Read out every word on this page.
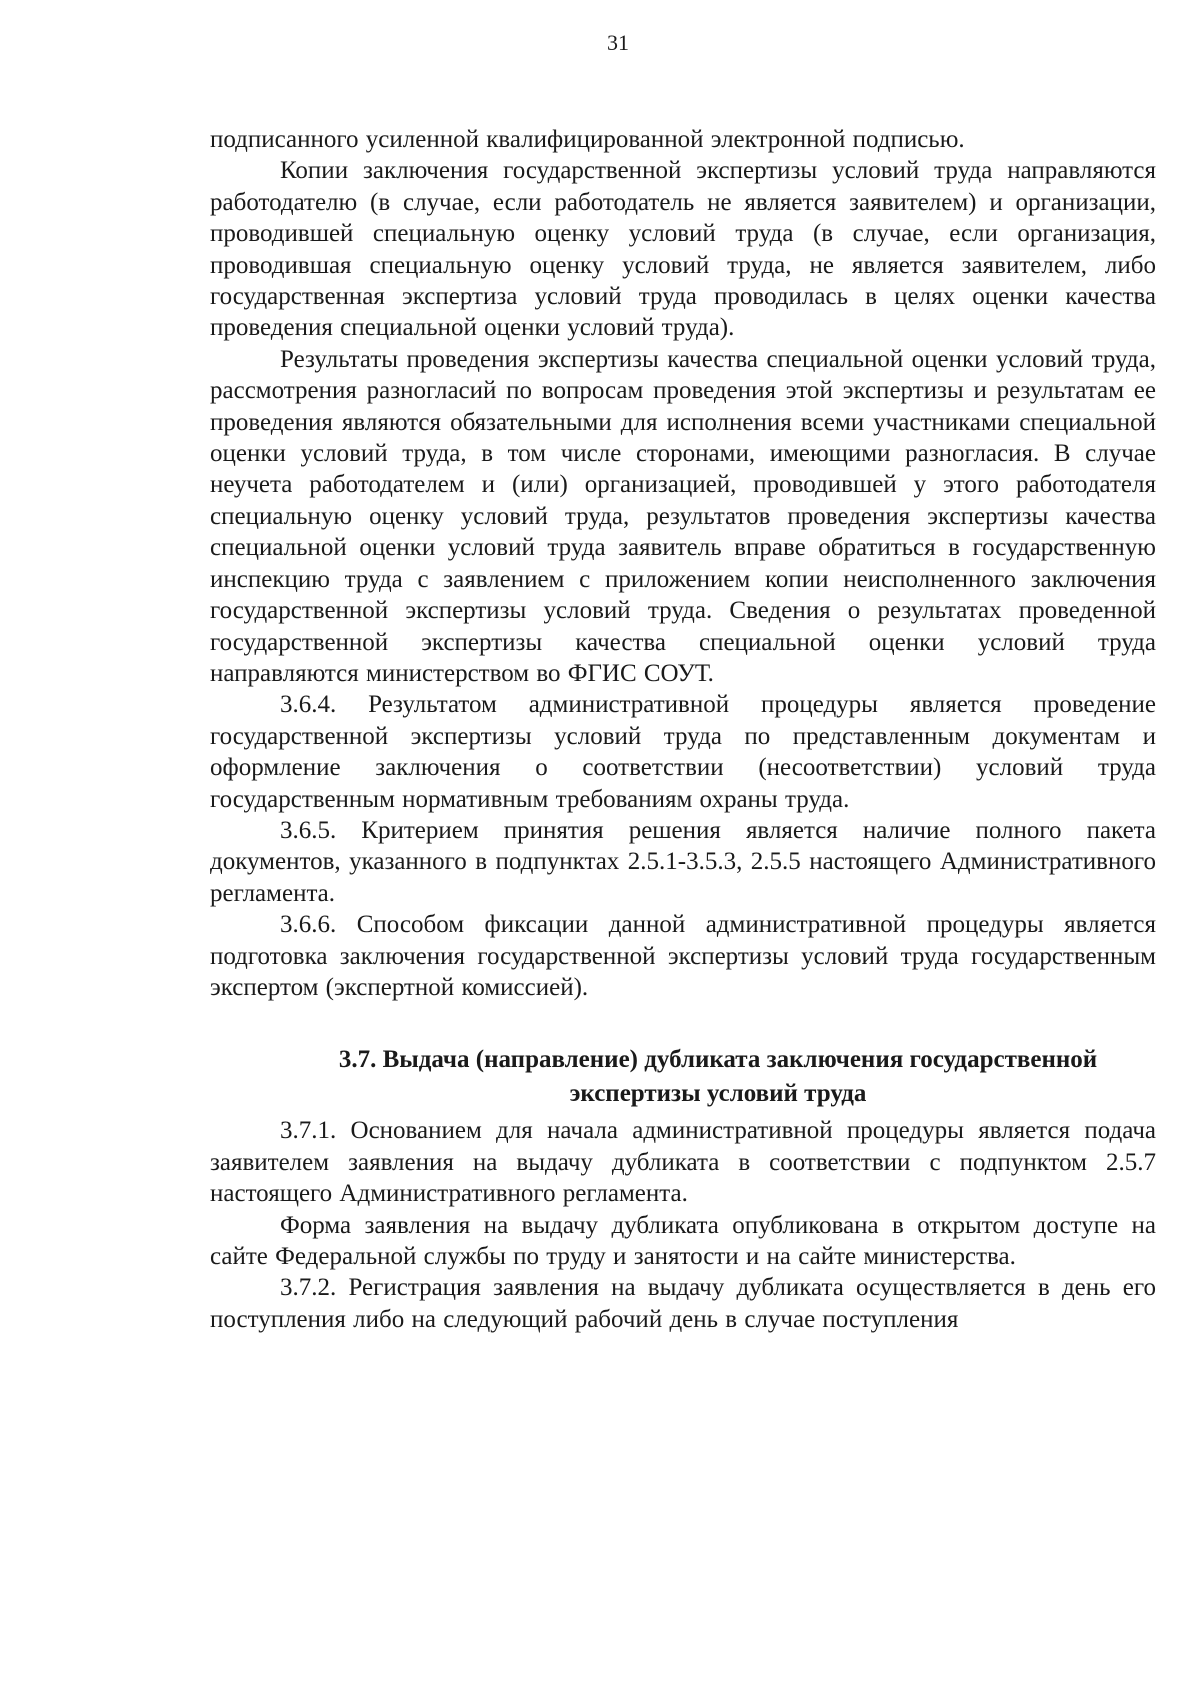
31

подписанного усиленной квалифицированной электронной подписью.

Копии заключения государственной экспертизы условий труда направляются работодателю (в случае, если работодатель не является заявителем) и организации, проводившей специальную оценку условий труда (в случае, если организация, проводившая специальную оценку условий труда, не является заявителем, либо государственная экспертиза условий труда проводилась в целях оценки качества проведения специальной оценки условий труда).

Результаты проведения экспертизы качества специальной оценки условий труда, рассмотрения разногласий по вопросам проведения этой экспертизы и результатам ее проведения являются обязательными для исполнения всеми участниками специальной оценки условий труда, в том числе сторонами, имеющими разногласия. В случае неучета работодателем и (или) организацией, проводившей у этого работодателя специальную оценку условий труда, результатов проведения экспертизы качества специальной оценки условий труда заявитель вправе обратиться в государственную инспекцию труда с заявлением с приложением копии неисполненного заключения государственной экспертизы условий труда. Сведения о результатах проведенной государственной экспертизы качества специальной оценки условий труда направляются министерством во ФГИС СОУТ.

3.6.4. Результатом административной процедуры является проведение государственной экспертизы условий труда по представленным документам и оформление заключения о соответствии (несоответствии) условий труда государственным нормативным требованиям охраны труда.

3.6.5. Критерием принятия решения является наличие полного пакета документов, указанного в подпунктах 2.5.1-3.5.3, 2.5.5 настоящего Административного регламента.

3.6.6. Способом фиксации данной административной процедуры является подготовка заключения государственной экспертизы условий труда государственным экспертом (экспертной комиссией).

3.7. Выдача (направление) дубликата заключения государственной
экспертизы условий труда

3.7.1. Основанием для начала административной процедуры является подача заявителем заявления на выдачу дубликата в соответствии с подпунктом 2.5.7 настоящего Административного регламента.

Форма заявления на выдачу дубликата опубликована в открытом доступе на сайте Федеральной службы по труду и занятости и на сайте министерства.

3.7.2. Регистрация заявления на выдачу дубликата осуществляется в день его поступления либо на следующий рабочий день в случае поступления
